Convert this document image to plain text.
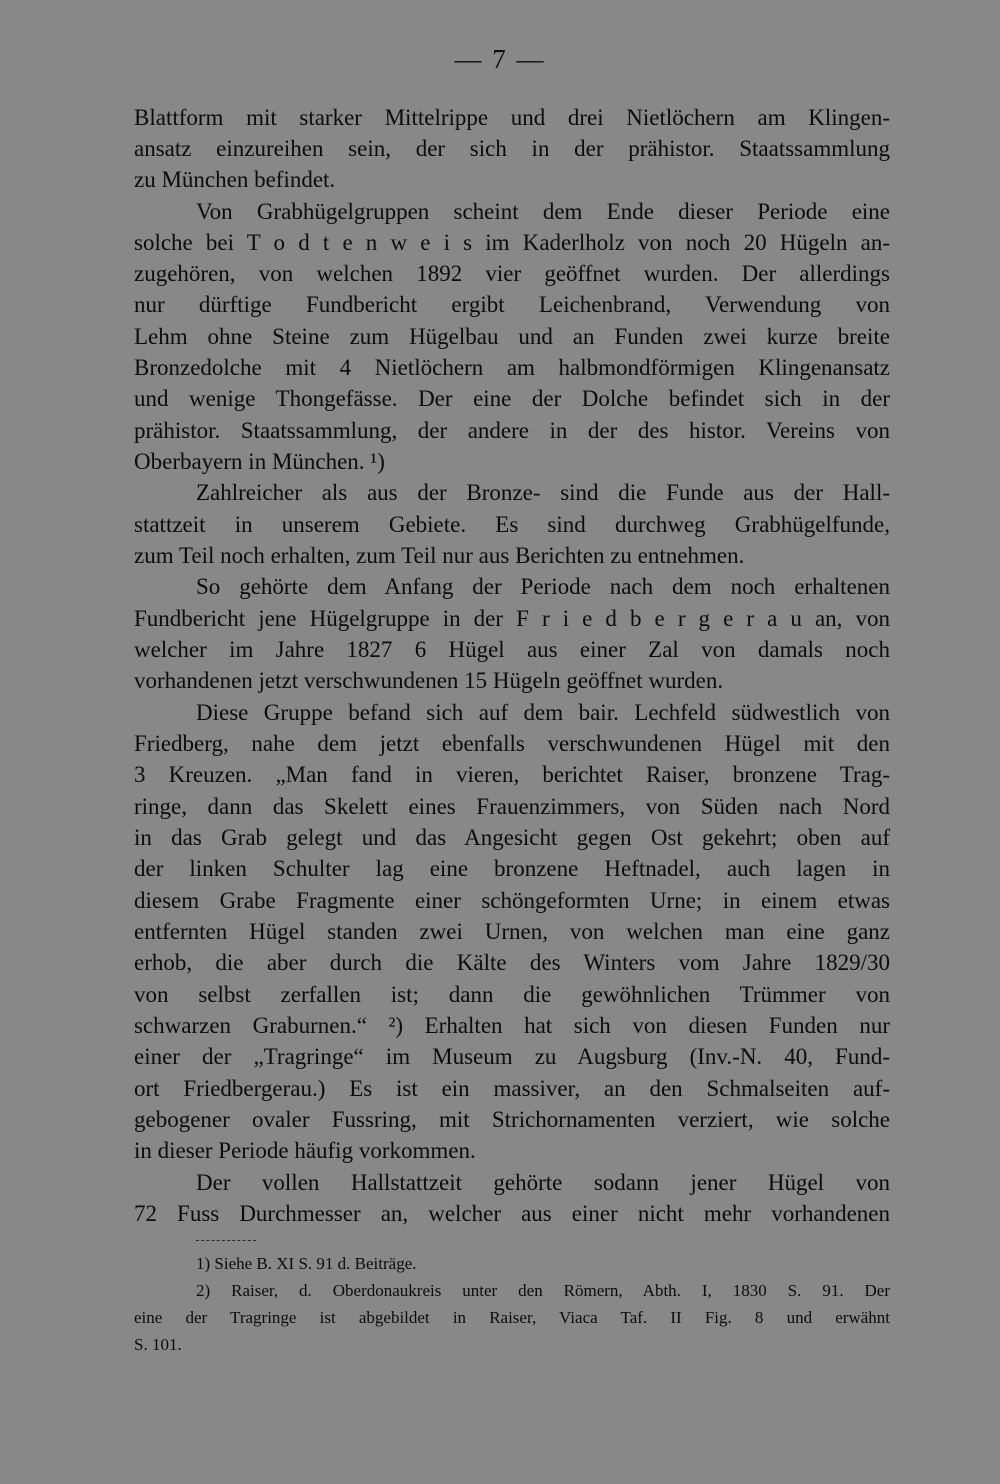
— 7 —
Blattform mit starker Mittelrippe und drei Nietlöchern am Klingen-
ansatz einzureihen sein, der sich in der prähistor. Staatssammlung
zu München befindet.
Von Grabhügelgruppen scheint dem Ende dieser Periode eine
solche bei T o d t e n w e i s im Kaderlholz von noch 20 Hügeln an-
zugehören, von welchen 1892 vier geöffnet wurden. Der allerdings
nur dürftige Fundbericht ergibt Leichenbrand, Verwendung von
Lehm ohne Steine zum Hügelbau und an Funden zwei kurze breite
Bronzedolche mit 4 Nietlöchern am halbmondförmigen Klingenansatz
und wenige Thongefässe. Der eine der Dolche befindet sich in der
prähistor. Staatssammlung, der andere in der des histor. Vereins von
Oberbayern in München. ¹)
Zahlreicher als aus der Bronze- sind die Funde aus der Hall-
stattzeit in unserem Gebiete. Es sind durchweg Grabhügelfunde,
zum Teil noch erhalten, zum Teil nur aus Berichten zu entnehmen.
So gehörte dem Anfang der Periode nach dem noch erhaltenen
Fundbericht jene Hügelgruppe in der F r i e d b e r g e r a u an, von
welcher im Jahre 1827 6 Hügel aus einer Zal von damals noch
vorhandenen jetzt verschwundenen 15 Hügeln geöffnet wurden.
Diese Gruppe befand sich auf dem bair. Lechfeld südwestlich von
Friedberg, nahe dem jetzt ebenfalls verschwundenen Hügel mit den
3 Kreuzen. „Man fand in vieren, berichtet Raiser, bronzene Trag-
ringe, dann das Skelett eines Frauenzimmers, von Süden nach Nord
in das Grab gelegt und das Angesicht gegen Ost gekehrt; oben auf
der linken Schulter lag eine bronzene Heftnadel, auch lagen in
diesem Grabe Fragmente einer schöngeformten Urne; in einem etwas
entfernten Hügel standen zwei Urnen, von welchen man eine ganz
erhob, die aber durch die Kälte des Winters vom Jahre 1829/30
von selbst zerfallen ist; dann die gewöhnlichen Trümmer von
schwarzen Graburnen.“ ²) Erhalten hat sich von diesen Funden nur
einer der „Tragringe“ im Museum zu Augsburg (Inv.-N. 40, Fund-
ort Friedbergerau.) Es ist ein massiver, an den Schmalseiten auf-
gebogener ovaler Fussring, mit Strichornamenten verziert, wie solche
in dieser Periode häufig vorkommen.
Der vollen Hallstattzeit gehörte sodann jener Hügel von
72 Fuss Durchmesser an, welcher aus einer nicht mehr vorhandenen
1) Siehe B. XI S. 91 d. Beiträge.
2) Raiser, d. Oberdonaukreis unter den Römern, Abth. I, 1830 S. 91. Der
eine der Tragringe ist abgebildet in Raiser, Viaca Taf. II Fig. 8 und erwähnt
S. 101.
